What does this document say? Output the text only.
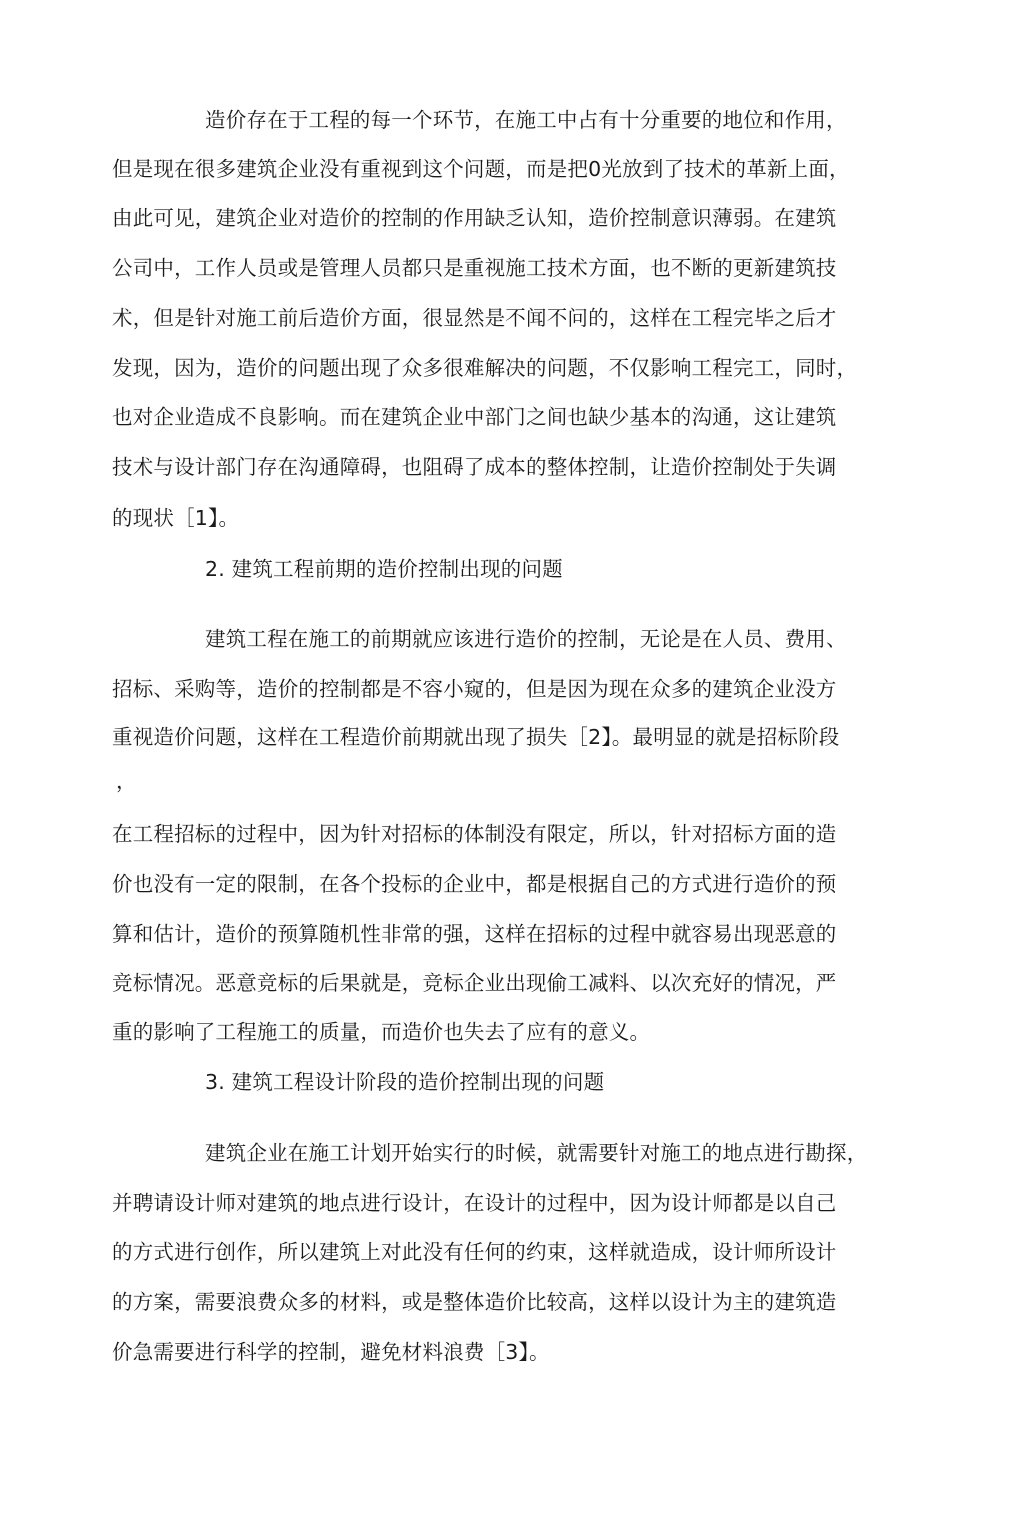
造价存在于工程的每一个环节，在施工中占有十分重要的地位和作用，
但是现在很多建筑企业没有重视到这个问题，而是把0光放到了技术的革新上面，
由此可见，建筑企业对造价的控制的作用缺乏认知，造价控制意识薄弱。在建筑
公司中，工作人员或是管理人员都只是重视施工技术方面，也不断的更新建筑技
术，但是针对施工前后造价方面，很显然是不闻不问的，这样在工程完毕之后才
发现，因为，造价的问题出现了众多很难解决的问题，不仅影响工程完工，同时，
也对企业造成不良影响。而在建筑企业中部门之间也缺少基本的沟通，这让建筑
技术与设计部门存在沟通障碍，也阻碍了成本的整体控制，让造价控制处于失调
的现状［1】。
2. 建筑工程前期的造价控制出现的问题
建筑工程在施工的前期就应该进行造价的控制，无论是在人员、费用、
招标、采购等，造价的控制都是不容小窥的，但是因为现在众多的建筑企业没方
重视造价问题，这样在工程造价前期就出现了损失［2】。最明显的就是招标阶段
，
在工程招标的过程中，因为针对招标的体制没有限定，所以，针对招标方面的造
价也没有一定的限制，在各个投标的企业中，都是根据自己的方式进行造价的预
算和估计，造价的预算随机性非常的强，这样在招标的过程中就容易出现恶意的
竞标情况。恶意竞标的后果就是，竞标企业出现偷工减料、以次充好的情况，严
重的影响了工程施工的质量，而造价也失去了应有的意义。
3. 建筑工程设计阶段的造价控制出现的问题
建筑企业在施工计划开始实行的时候，就需要针对施工的地点进行勘探，
并聘请设计师对建筑的地点进行设计，在设计的过程中，因为设计师都是以自己
的方式进行创作，所以建筑上对此没有任何的约束，这样就造成，设计师所设计
的方案，需要浪费众多的材料，或是整体造价比较高，这样以设计为主的建筑造
价急需要进行科学的控制，避免材料浪费［3】。
